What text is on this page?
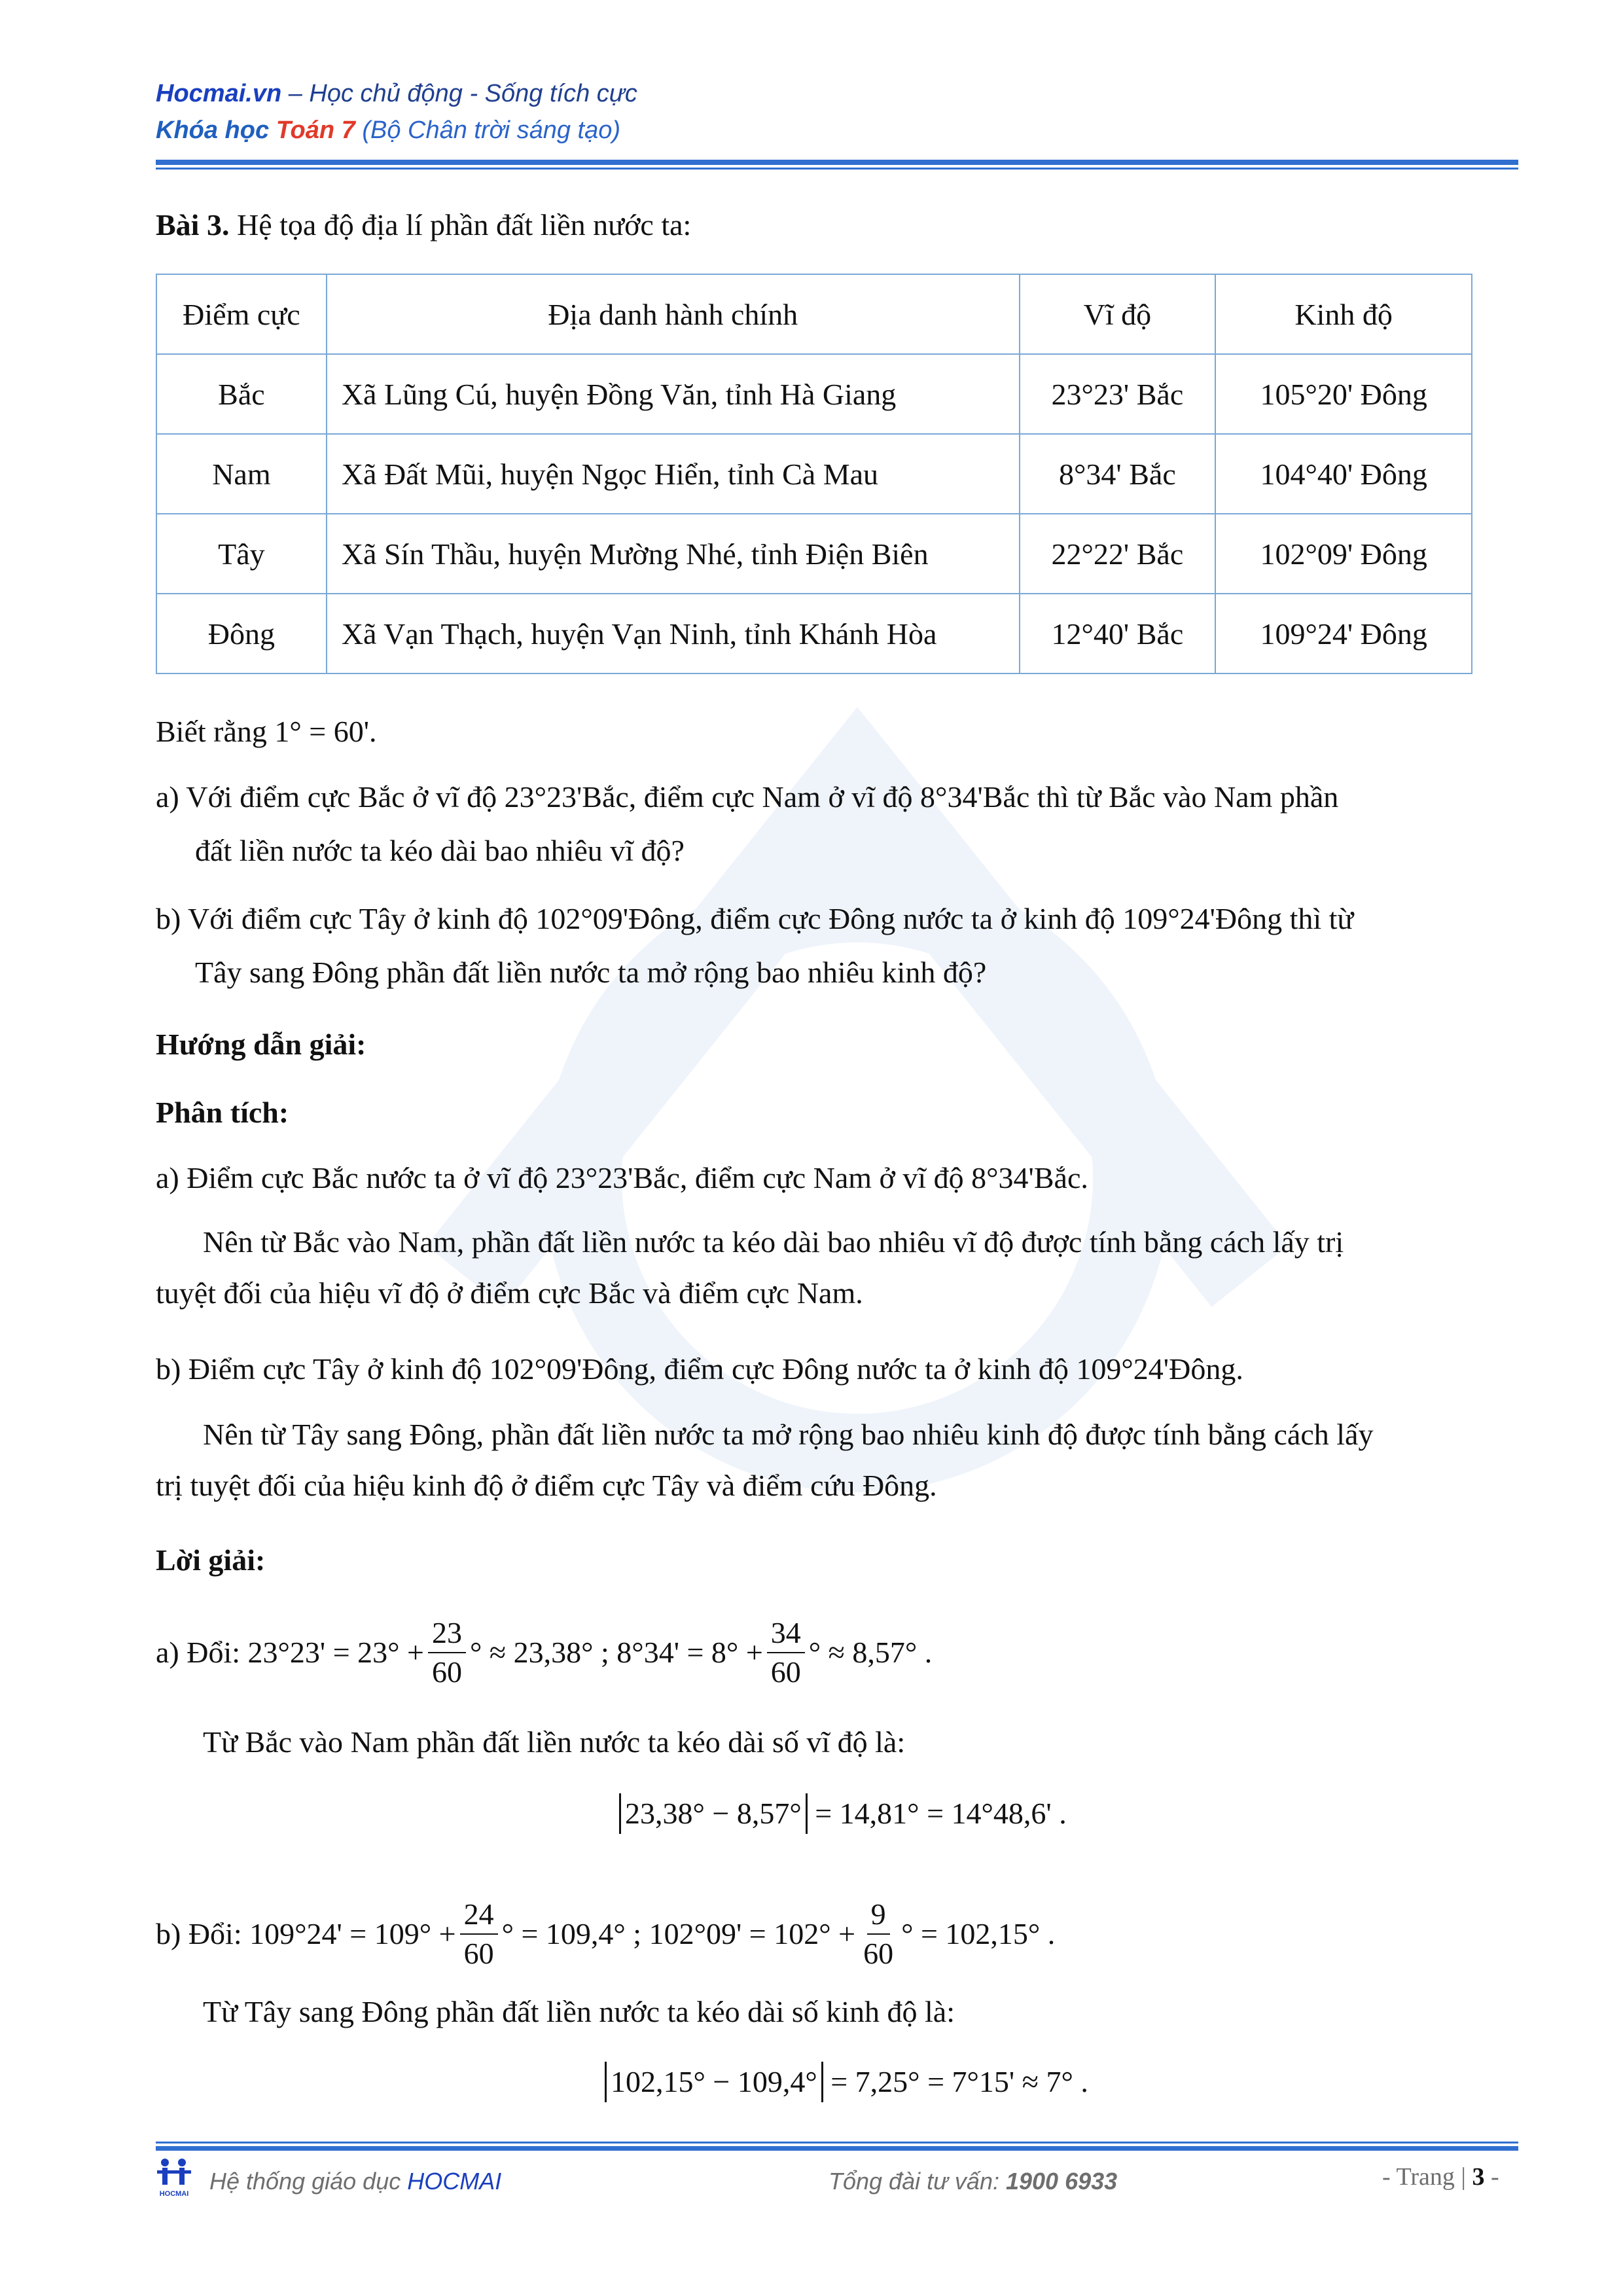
Hocmai.vn – Học chủ động - Sống tích cực
Khóa học Toán 7 (Bộ Chân trời sáng tạo)
Bài 3. Hệ tọa độ địa lí phần đất liền nước ta:
Điểm cực	Địa danh hành chính	Vĩ độ	Kinh độ
Bắc	Xã Lũng Cú, huyện Đồng Văn, tỉnh Hà Giang	23°23' Bắc	105°20' Đông
Nam	Xã Đất Mũi, huyện Ngọc Hiển, tỉnh Cà Mau	8°34' Bắc	104°40' Đông
Tây	Xã Sín Thầu, huyện Mường Nhé, tỉnh Điện Biên	22°22' Bắc	102°09' Đông
Đông	Xã Vạn Thạch, huyện Vạn Ninh, tỉnh Khánh Hòa	12°40' Bắc	109°24' Đông
Biết rằng 1° = 60'.
a) Với điểm cực Bắc ở vĩ độ 23°23'Bắc, điểm cực Nam ở vĩ độ 8°34'Bắc thì từ Bắc vào Nam phần
đất liền nước ta kéo dài bao nhiêu vĩ độ?
b) Với điểm cực Tây ở kinh độ 102°09'Đông, điểm cực Đông nước ta ở kinh độ 109°24'Đông thì từ
Tây sang Đông phần đất liền nước ta mở rộng bao nhiêu kinh độ?
Hướng dẫn giải:
Phân tích:
a) Điểm cực Bắc nước ta ở vĩ độ 23°23'Bắc, điểm cực Nam ở vĩ độ 8°34'Bắc.
Nên từ Bắc vào Nam, phần đất liền nước ta kéo dài bao nhiêu vĩ độ được tính bằng cách lấy trị
tuyệt đối của hiệu vĩ độ ở điểm cực Bắc và điểm cực Nam.
b) Điểm cực Tây ở kinh độ 102°09'Đông, điểm cực Đông nước ta ở kinh độ 109°24'Đông.
Nên từ Tây sang Đông, phần đất liền nước ta mở rộng bao nhiêu kinh độ được tính bằng cách lấy
trị tuyệt đối của hiệu kinh độ ở điểm cực Tây và điểm cứu Đông.
Lời giải:
a) Đổi:
$23^\circ 23' = 23^\circ + \frac{23}{60}$ ° ≈ 23,38° ; $8^\circ 34' = 8^\circ + \frac{34}{60}$ ° ≈ 8,57° .
Từ Bắc vào Nam phần đất liền nước ta kéo dài số vĩ độ là:
23,38° − 8,57° = 14,81° = 14°48,6' .
b) Đổi:
$109^\circ 24' = 109^\circ + \frac{24}{60}$ ° = 109,4° ; $102^\circ 09' = 102^\circ + \frac{9}{60}$ ° = 102,15° .
Từ Tây sang Đông phần đất liền nước ta kéo dài số kinh độ là:
102,15° − 109,4° = 7,25° = 7°15' ≈ 7° .
HOCMAI Hệ thống giáo dục HOCMAI	Tổng đài tư vấn: 1900 6933	- Trang | 3 -
